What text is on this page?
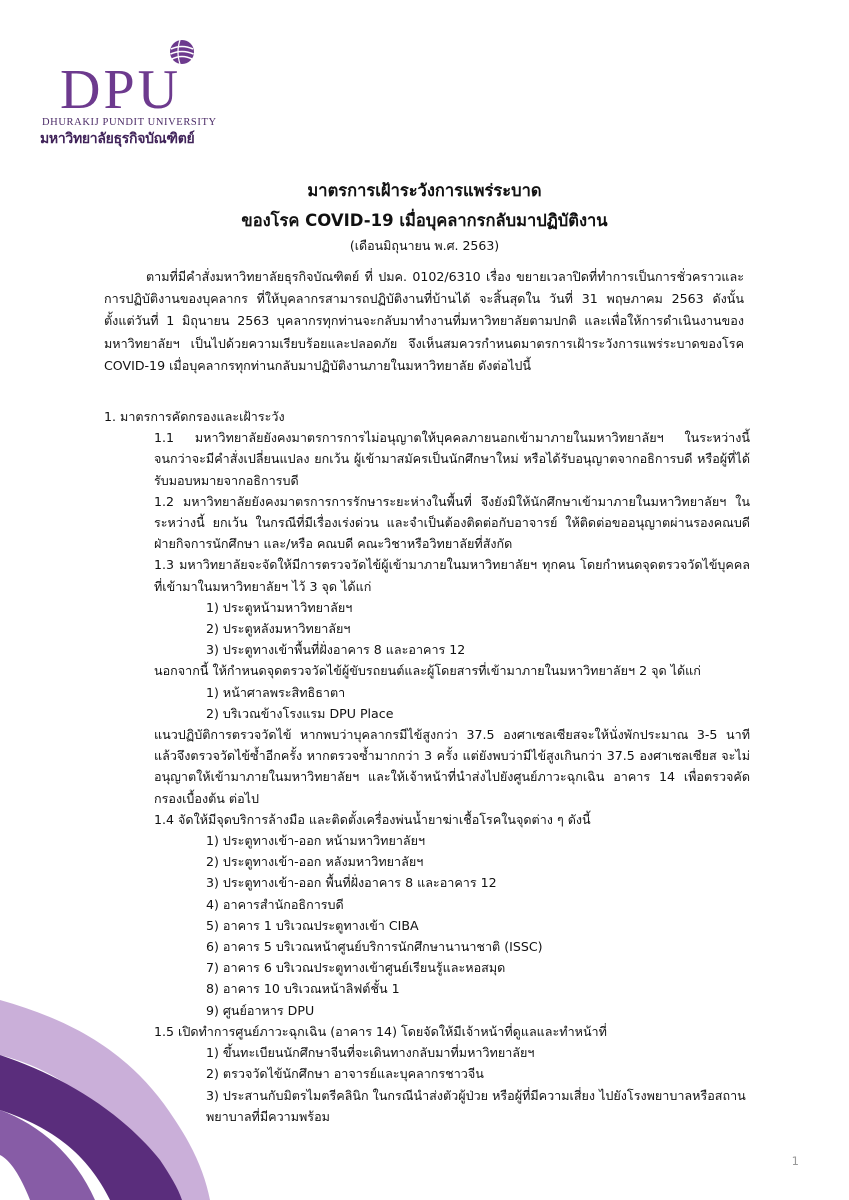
DPU
DHURAKIJ PUNDIT UNIVERSITY
มหาวิทยาลัยธุรกิจบัณฑิตย์
มาตรการเฝ้าระวังการแพร่ระบาด
ของโรค COVID-19 เมื่อบุคลากรกลับมาปฏิบัติงาน
(เดือนมิถุนายน พ.ศ. 2563)
ตามที่มีคำสั่งมหาวิทยาลัยธุรกิจบัณฑิตย์ ที่ ปมค. 0102/6310 เรื่อง ขยายเวลาปิดที่ทำการเป็นการชั่วคราวและการปฏิบัติงานของบุคลากร ที่ให้บุคลากรสามารถปฏิบัติงานที่บ้านได้ จะสิ้นสุดใน วันที่ 31 พฤษภาคม 2563 ดังนั้น ตั้งแต่วันที่ 1 มิถุนายน 2563 บุคลากรทุกท่านจะกลับมาทำงานที่มหาวิทยาลัยตามปกติ และเพื่อให้การดำเนินงานของมหาวิทยาลัยฯ เป็นไปด้วยความเรียบร้อยและปลอดภัย จึงเห็นสมควรกำหนดมาตรการเฝ้าระวังการแพร่ระบาดของโรค COVID-19 เมื่อบุคลากรทุกท่านกลับมาปฏิบัติงานภายในมหาวิทยาลัย ดังต่อไปนี้

1. มาตรการคัดกรองและเฝ้าระวัง

1.1 มหาวิทยาลัยยังคงมาตรการการไม่อนุญาตให้บุคคลภายนอกเข้ามาภายในมหาวิทยาลัยฯ ในระหว่างนี้จนกว่าจะมีคำสั่งเปลี่ยนแปลง ยกเว้น ผู้เข้ามาสมัครเป็นนักศึกษาใหม่ หรือได้รับอนุญาตจากอธิการบดี หรือผู้ที่ได้รับมอบหมายจากอธิการบดี

1.2 มหาวิทยาลัยยังคงมาตรการการรักษาระยะห่างในพื้นที่ จึงยังมิให้นักศึกษาเข้ามาภายในมหาวิทยาลัยฯ ในระหว่างนี้ ยกเว้น ในกรณีที่มีเรื่องเร่งด่วน และจำเป็นต้องติดต่อกับอาจารย์ ให้ติดต่อขออนุญาตผ่านรองคณบดีฝ่ายกิจการนักศึกษา และ/หรือ คณบดี คณะวิชาหรือวิทยาลัยที่สังกัด

1.3 มหาวิทยาลัยจะจัดให้มีการตรวจวัดไข้ผู้เข้ามาภายในมหาวิทยาลัยฯ ทุกคน โดยกำหนดจุดตรวจวัดไข้บุคคลที่เข้ามาในมหาวิทยาลัยฯ ไว้ 3 จุด ได้แก่

1) ประตูหน้ามหาวิทยาลัยฯ

2) ประตูหลังมหาวิทยาลัยฯ

3) ประตูทางเข้าพื้นที่ฝั่งอาคาร 8 และอาคาร 12

นอกจากนี้ ให้กำหนดจุดตรวจวัดไข้ผู้ขับรถยนต์และผู้โดยสารที่เข้ามาภายในมหาวิทยาลัยฯ 2 จุด ได้แก่

1) หน้าศาลพระสิทธิธาตา

2) บริเวณข้างโรงแรม DPU Place

แนวปฏิบัติการตรวจวัดไข้ หากพบว่าบุคลากรมีไข้สูงกว่า 37.5 องศาเซลเซียสจะให้นั่งพักประมาณ 3-5 นาที แล้วจึงตรวจวัดไข้ซ้ำอีกครั้ง หากตรวจซ้ำมากกว่า 3 ครั้ง แต่ยังพบว่ามีไข้สูงเกินกว่า 37.5 องศาเซลเซียส จะไม่อนุญาตให้เข้ามาภายในมหาวิทยาลัยฯ และให้เจ้าหน้าที่นำส่งไปยังศูนย์ภาวะฉุกเฉิน อาคาร 14 เพื่อตรวจคัดกรองเบื้องต้น ต่อไป

1.4 จัดให้มีจุดบริการล้างมือ และติดตั้งเครื่องพ่นน้ำยาฆ่าเชื้อโรคในจุดต่าง ๆ ดังนี้

1) ประตูทางเข้า-ออก หน้ามหาวิทยาลัยฯ

2) ประตูทางเข้า-ออก หลังมหาวิทยาลัยฯ

3) ประตูทางเข้า-ออก พื้นที่ฝั่งอาคาร 8 และอาคาร 12

4) อาคารสำนักอธิการบดี

5) อาคาร 1 บริเวณประตูทางเข้า CIBA

6) อาคาร 5 บริเวณหน้าศูนย์บริการนักศึกษานานาชาติ (ISSC)

7) อาคาร 6 บริเวณประตูทางเข้าศูนย์เรียนรู้และหอสมุด

8) อาคาร 10 บริเวณหน้าลิฟต์ชั้น 1

9) ศูนย์อาหาร DPU

1.5 เปิดทำการศูนย์ภาวะฉุกเฉิน (อาคาร 14) โดยจัดให้มีเจ้าหน้าที่ดูแลและทำหน้าที่

1) ขึ้นทะเบียนนักศึกษาจีนที่จะเดินทางกลับมาที่มหาวิทยาลัยฯ

2) ตรวจวัดไข้นักศึกษา อาจารย์และบุคลากรชาวจีน

3) ประสานกับมิตรไมตรีคลินิก ในกรณีนำส่งตัวผู้ป่วย หรือผู้ที่มีความเสี่ยง ไปยังโรงพยาบาลหรือสถานพยาบาลที่มีความพร้อม

1
